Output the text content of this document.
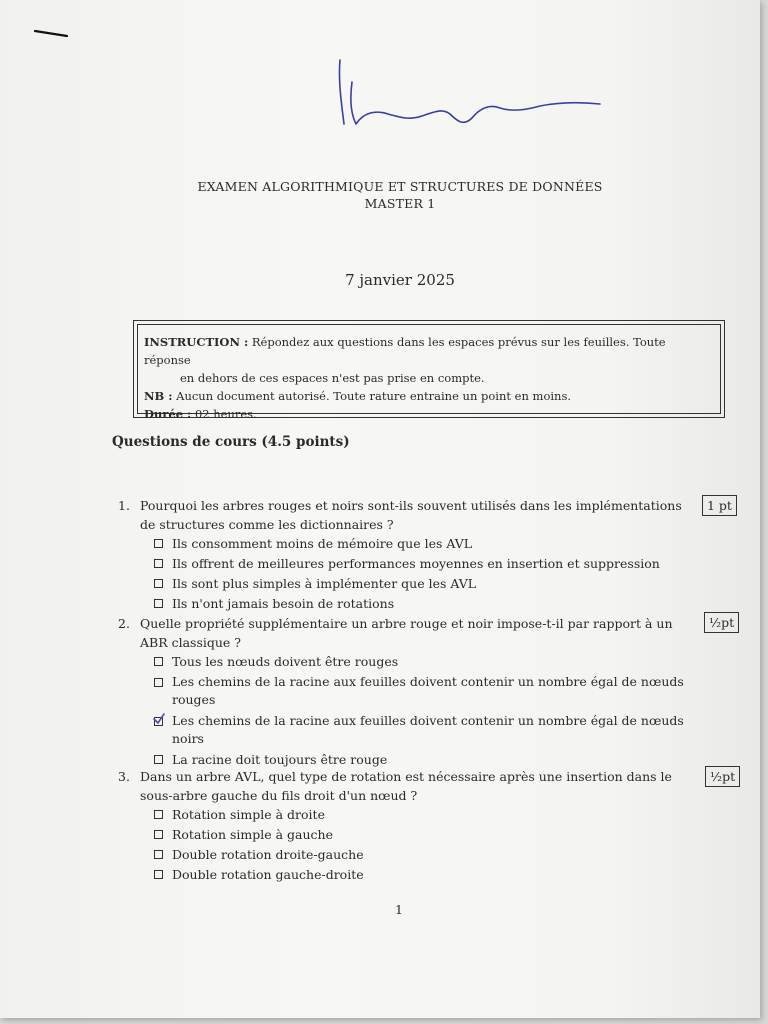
EXAMEN ALGORITHMIQUE ET STRUCTURES DE DONNÉES
MASTER 1
7 janvier 2025
INSTRUCTION : Répondez aux questions dans les espaces prévus sur les feuilles. Toute réponse
en dehors de ces espaces n'est pas prise en compte.
NB : Aucun document autorisé. Toute rature entraine un point en moins.
Durée : 02 heures.
Questions de cours (4.5 points)
1. Pourquoi les arbres rouges et noirs sont-ils souvent utilisés dans les implémentations de structures comme les dictionnaires ?
Ils consomment moins de mémoire que les AVL
Ils offrent de meilleures performances moyennes en insertion et suppression
Ils sont plus simples à implémenter que les AVL
Ils n'ont jamais besoin de rotations
1 pt
2. Quelle propriété supplémentaire un arbre rouge et noir impose-t-il par rapport à un ABR classique ?
Tous les nœuds doivent être rouges
Les chemins de la racine aux feuilles doivent contenir un nombre égal de nœuds rouges
Les chemins de la racine aux feuilles doivent contenir un nombre égal de nœuds noirs
La racine doit toujours être rouge
½pt
3. Dans un arbre AVL, quel type de rotation est nécessaire après une insertion dans le sous-arbre gauche du fils droit d'un nœud ?
Rotation simple à droite
Rotation simple à gauche
Double rotation droite-gauche
Double rotation gauche-droite
½pt
1
